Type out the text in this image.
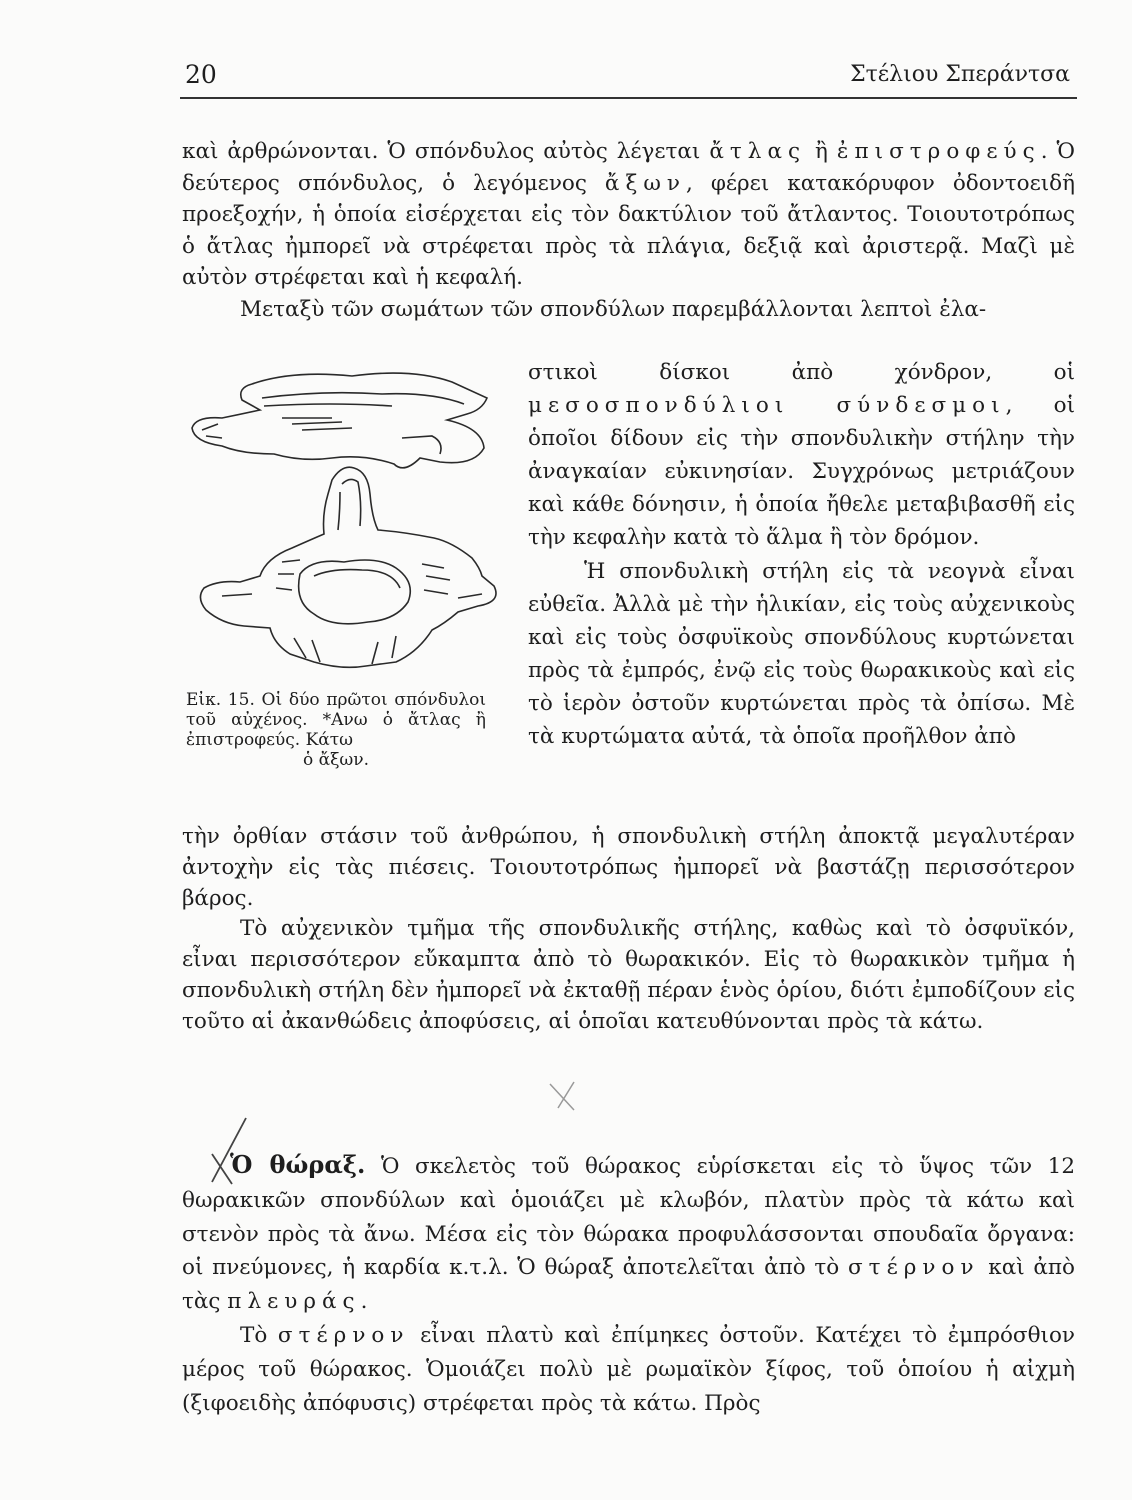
20	Στέλιου Σπεράντσα

καὶ ἀρθρώνονται. Ὁ σπόνδυλος αὐτὸς λέγεται ἄτλας ἢ ἐπιστροφεύς. Ὁ δεύτερος σπόνδυλος, ὁ λεγόμενος ἄξων, φέρει κατακόρυφον ὀδοντοειδῆ προεξοχήν, ἡ ὁποία εἰσέρχεται εἰς τὸν δακτύλιον τοῦ ἄτλαντος. Τοιουτοτρόπως ὁ ἄτλας ἠμπορεῖ νὰ στρέφεται πρὸς τὰ πλάγια, δεξιᾷ καὶ ἀριστερᾷ. Μαζὶ μὲ αὐτὸν στρέφεται καὶ ἡ κεφαλή.

Μεταξὺ τῶν σωμάτων τῶν σπονδύλων παρεμβάλλονται λεπτοὶ ἐλα-

Εἰκ. 15. Οἱ δύο πρῶτοι σπόνδυλοι τοῦ αὐχένος. *Ανω ὁ ἄτλας ἢ ἐπιστροφεύς. Κάτω
ὁ ἄξων.

στικοὶ δίσκοι ἀπὸ χόνδρον, οἱ μεσοσπονδύλιοι σύνδεσμοι, οἱ ὁποῖοι δίδουν εἰς τὴν σπονδυλικὴν στήλην τὴν ἀναγκαίαν εὐκινησίαν. Συγχρόνως μετριάζουν καὶ κάθε δόνησιν, ἡ ὁποία ἤθελε μεταβιβασθῆ εἰς τὴν κεφαλὴν κατὰ τὸ ἅλμα ἢ τὸν δρόμον.

Ἡ σπονδυλικὴ στήλη εἰς τὰ νεογνὰ εἶναι εὐθεῖα. Ἀλλὰ μὲ τὴν ἡλικίαν, εἰς τοὺς αὐχενικοὺς καὶ εἰς τοὺς ὀσφυϊκοὺς σπονδύλους κυρτώνεται πρὸς τὰ ἐμπρός, ἐνῷ εἰς τοὺς θωρακικοὺς καὶ εἰς τὸ ἱερὸν ὀστοῦν κυρτώνεται πρὸς τὰ ὀπίσω. Μὲ τὰ κυρτώματα αὐτά, τὰ ὁποῖα προῆλθον ἀπὸ

τὴν ὀρθίαν στάσιν τοῦ ἀνθρώπου, ἡ σπονδυλικὴ στήλη ἀποκτᾷ μεγαλυτέραν ἀντοχὴν εἰς τὰς πιέσεις. Τοιουτοτρόπως ἠμπορεῖ νὰ βαστάζῃ περισσότερον βάρος.

Τὸ αὐχενικὸν τμῆμα τῆς σπονδυλικῆς στήλης, καθὼς καὶ τὸ ὀσφυϊκόν, εἶναι περισσότερον εὔκαμπτα ἀπὸ τὸ θωρακικόν. Εἰς τὸ θωρακικὸν τμῆμα ἡ σπονδυλικὴ στήλη δὲν ἠμπορεῖ νὰ ἐκταθῇ πέραν ἑνὸς ὁρίου, διότι ἐμποδίζουν εἰς τοῦτο αἱ ἀκανθώδεις ἀποφύσεις, αἱ ὁποῖαι κατευθύνονται πρὸς τὰ κάτω.

Ὁ θώραξ. Ὁ σκελετὸς τοῦ θώρακος εὑρίσκεται εἰς τὸ ὕψος τῶν 12 θωρακικῶν σπονδύλων καὶ ὁμοιάζει μὲ κλωβόν, πλατὺν πρὸς τὰ κάτω καὶ στενὸν πρὸς τὰ ἄνω. Μέσα εἰς τὸν θώρακα προφυλάσσονται σπουδαῖα ὄργανα: οἱ πνεύμονες, ἡ καρδία κ.τ.λ. Ὁ θώραξ ἀποτελεῖται ἀπὸ τὸ στέρνον καὶ ἀπὸ τὰς πλευράς.

Τὸ στέρνον εἶναι πλατὺ καὶ ἐπίμηκες ὀστοῦν. Κατέχει τὸ ἐμπρόσθιον μέρος τοῦ θώρακος. Ὁμοιάζει πολὺ μὲ ρωμαϊκὸν ξίφος, τοῦ ὁποίου ἡ αἰχμὴ (ξιφοειδὴς ἀπόφυσις) στρέφεται πρὸς τὰ κάτω. Πρὸς
